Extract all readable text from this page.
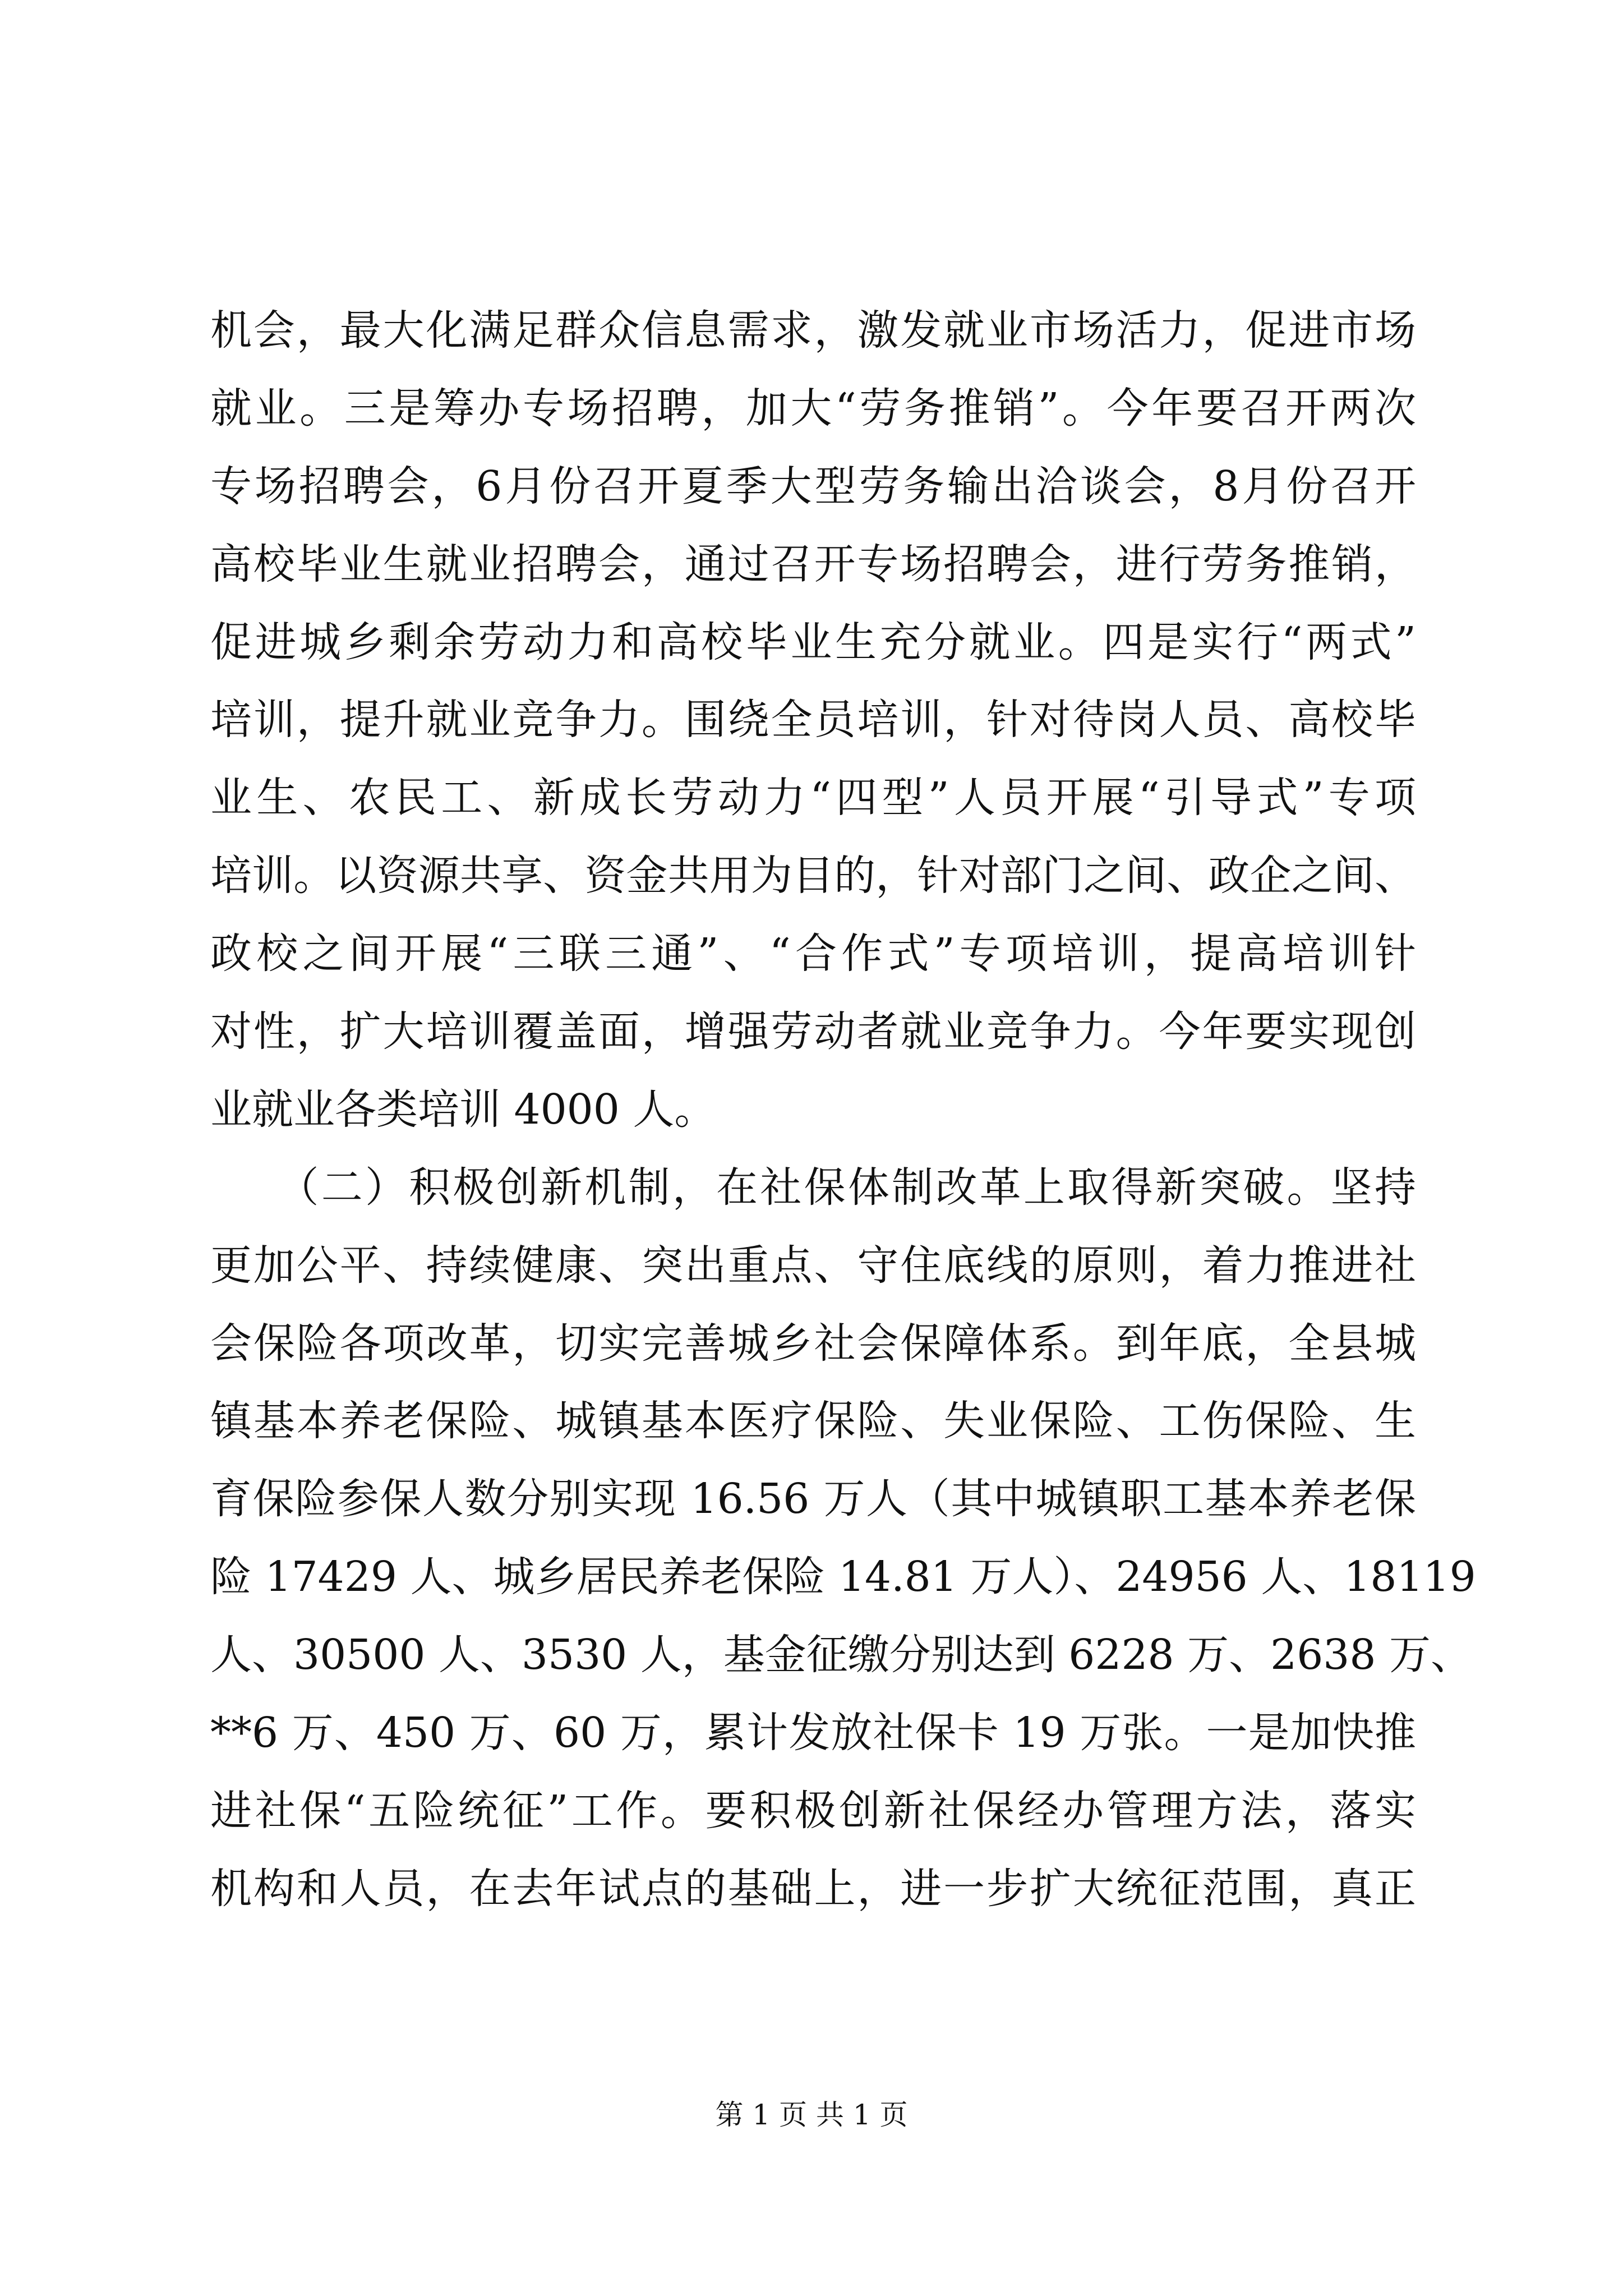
机会，最大化满足群众信息需求，激发就业市场活力，促进市场
就业。三是筹办专场招聘，加大“劳务推销”。今年要召开两次
专场招聘会，6月份召开夏季大型劳务输出洽谈会，8月份召开
高校毕业生就业招聘会，通过召开专场招聘会，进行劳务推销，
促进城乡剩余劳动力和高校毕业生充分就业。四是实行“两式”
培训，提升就业竞争力。围绕全员培训，针对待岗人员、高校毕
业生、农民工、新成长劳动力“四型”人员开展“引导式”专项
培训。以资源共享、资金共用为目的，针对部门之间、政企之间、
政校之间开展“三联三通”、“合作式”专项培训，提高培训针
对性，扩大培训覆盖面，增强劳动者就业竞争力。今年要实现创
业就业各类培训 4000 人。
　　（二）积极创新机制，在社保体制改革上取得新突破。坚持
更加公平、持续健康、突出重点、守住底线的原则，着力推进社
会保险各项改革，切实完善城乡社会保障体系。到年底，全县城
镇基本养老保险、城镇基本医疗保险、失业保险、工伤保险、生
育保险参保人数分别实现 16.56 万人（其中城镇职工基本养老保
险 17429 人、城乡居民养老保险 14.81 万人）、24956 人、18119
人、30500 人、3530 人，基金征缴分别达到 6228 万、2638 万、
**6 万、450 万、60 万，累计发放社保卡 19 万张。一是加快推
进社保“五险统征”工作。要积极创新社保经办管理方法，落实
机构和人员，在去年试点的基础上，进一步扩大统征范围，真正
第 1 页 共 1 页
